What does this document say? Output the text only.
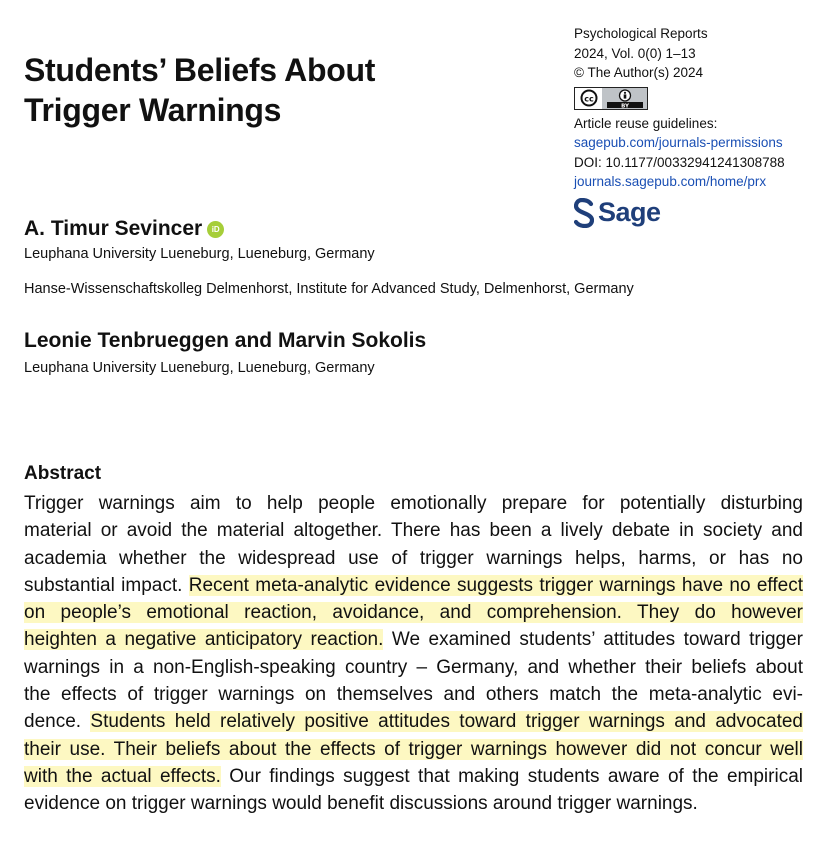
Students’ Beliefs About
Trigger Warnings
Psychological Reports
2024, Vol. 0(0) 1–13
© The Author(s) 2024
cc
BY
Article reuse guidelines:
sagepub.com/journals-permissions
DOI: 10.1177/00332941241308788
journals.sagepub.com/home/prx
Sage
A. Timur Sevincer	iD
Leuphana University Lueneburg, Lueneburg, Germany
Hanse-Wissenschaftskolleg Delmenhorst, Institute for Advanced Study, Delmenhorst, Germany
Leonie Tenbrueggen and Marvin Sokolis
Leuphana University Lueneburg, Lueneburg, Germany
Abstract
Trigger warnings aim to help people emotionally prepare for potentially disturbing
material or avoid the material altogether. There has been a lively debate in society and
academia whether the widespread use of trigger warnings helps, harms, or has no
substantial impact. Recent meta-analytic evidence suggests trigger warnings have no effect
on people’s emotional reaction, avoidance, and comprehension. They do however
heighten a negative anticipatory reaction. We examined students’ attitudes toward trigger
warnings in a non-English-speaking country – Germany, and whether their beliefs about
the effects of trigger warnings on themselves and others match the meta-analytic evi-
dence. Students held relatively positive attitudes toward trigger warnings and advocated
their use. Their beliefs about the effects of trigger warnings however did not concur well
with the actual effects. Our findings suggest that making students aware of the empirical
evidence on trigger warnings would benefit discussions around trigger warnings.
